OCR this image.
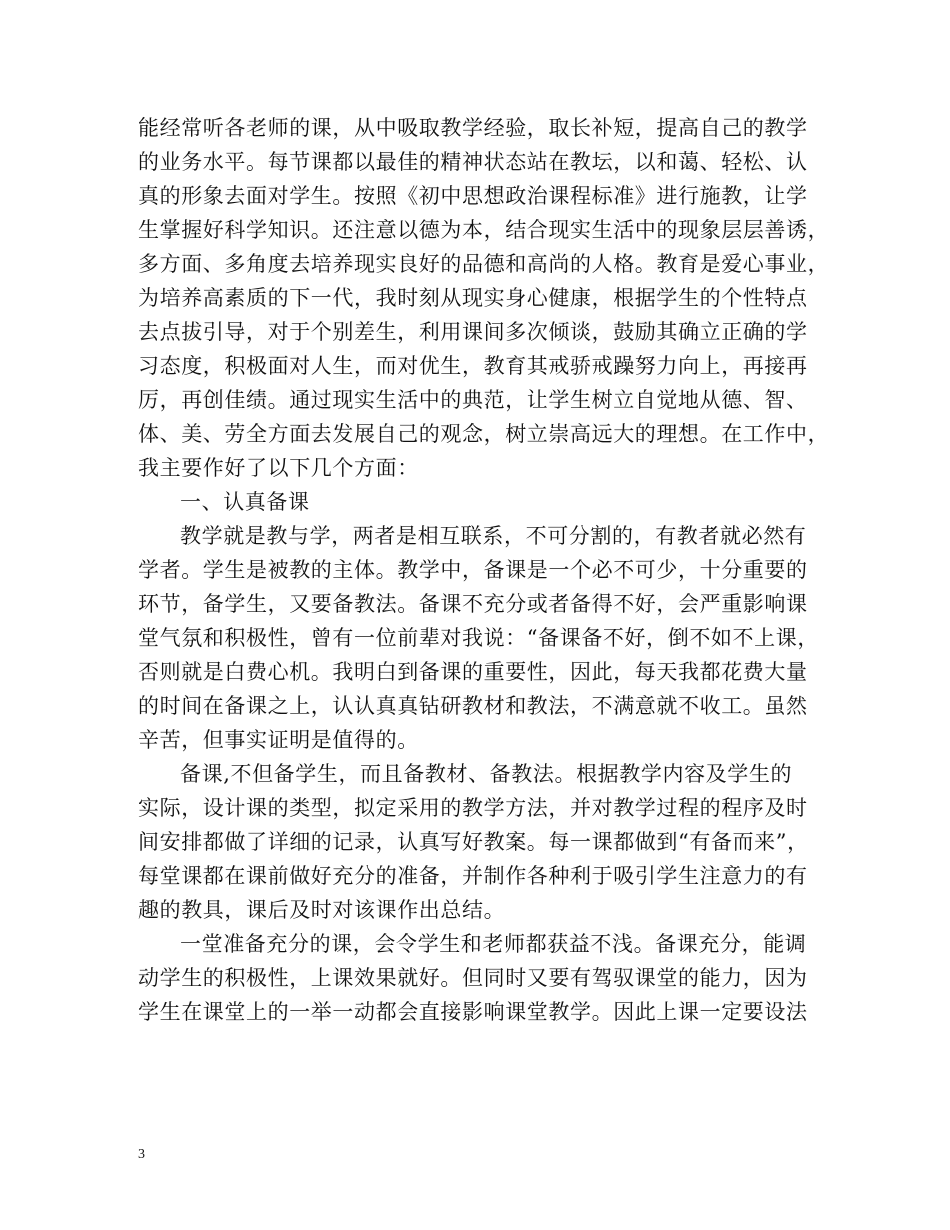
能经常听各老师的课，从中吸取教学经验，取长补短，提高自己的教学
的业务水平。每节课都以最佳的精神状态站在教坛，以和蔼、轻松、认
真的形象去面对学生。按照《初中思想政治课程标准》进行施教，让学
生掌握好科学知识。还注意以德为本，结合现实生活中的现象层层善诱，
多方面、多角度去培养现实良好的品德和高尚的人格。教育是爱心事业，
为培养高素质的下一代，我时刻从现实身心健康，根据学生的个性特点
去点拔引导，对于个别差生，利用课间多次倾谈，鼓励其确立正确的学
习态度，积极面对人生，而对优生，教育其戒骄戒躁努力向上，再接再
厉，再创佳绩。通过现实生活中的典范，让学生树立自觉地从德、智、
体、美、劳全方面去发展自己的观念，树立崇高远大的理想。在工作中，
我主要作好了以下几个方面：
一、认真备课
教学就是教与学，两者是相互联系，不可分割的，有教者就必然有
学者。学生是被教的主体。教学中，备课是一个必不可少，十分重要的
环节，备学生，又要备教法。备课不充分或者备得不好，会严重影响课
堂气氛和积极性，曾有一位前辈对我说：“备课备不好，倒不如不上课，
否则就是白费心机。我明白到备课的重要性，因此，每天我都花费大量
的时间在备课之上，认认真真钻研教材和教法，不满意就不收工。虽然
辛苦，但事实证明是值得的。
备课,不但备学生，而且备教材、备教法。根据教学内容及学生的
实际，设计课的类型，拟定采用的教学方法，并对教学过程的程序及时
间安排都做了详细的记录，认真写好教案。每一课都做到“有备而来”，
每堂课都在课前做好充分的准备，并制作各种利于吸引学生注意力的有
趣的教具，课后及时对该课作出总结。
一堂准备充分的课，会令学生和老师都获益不浅。备课充分，能调
动学生的积极性，上课效果就好。但同时又要有驾驭课堂的能力，因为
学生在课堂上的一举一动都会直接影响课堂教学。因此上课一定要设法
3
